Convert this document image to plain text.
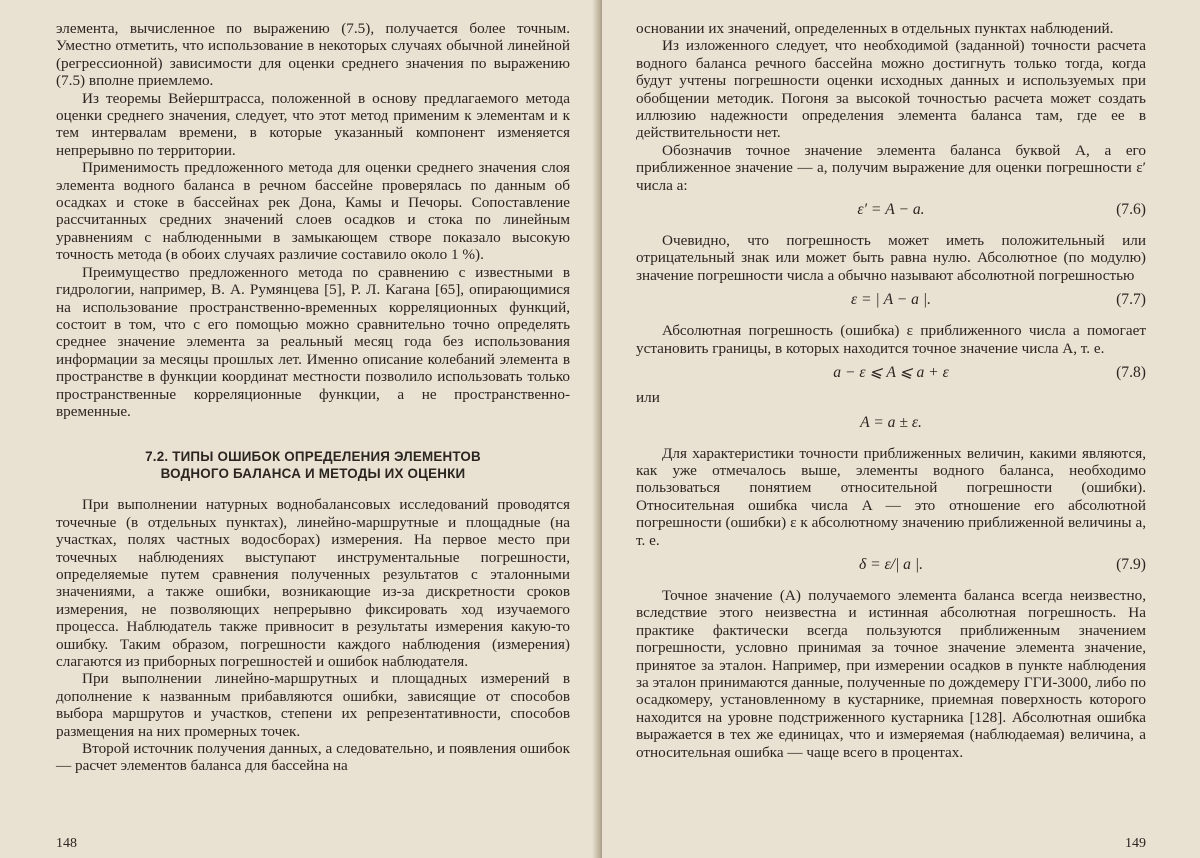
элемента, вычисленное по выражению (7.5), получается более точным. Уместно отметить, что использование в некоторых случаях обычной линейной (регрессионной) зависимости для оценки среднего значения по выражению (7.5) вполне приемлемо.

Из теоремы Вейерштрасса, положенной в основу предлагаемого метода оценки среднего значения, следует, что этот метод применим к элементам и к тем интервалам времени, в которые указанный компонент изменяется непрерывно по территории.

Применимость предложенного метода для оценки среднего значения слоя элемента водного баланса в речном бассейне проверялась по данным об осадках и стоке в бассейнах рек Дона, Камы и Печоры. Сопоставление рассчитанных средних значений слоев осадков и стока по линейным уравнениям с наблюденными в замыкающем створе показало высокую точность метода (в обоих случаях различие составило около 1 %).

Преимущество предложенного метода по сравнению с известными в гидрологии, например, В. А. Румянцева [5], Р. Л. Кагана [65], опирающимися на использование пространственно-временных корреляционных функций, состоит в том, что с его помощью можно сравнительно точно определять среднее значение элемента за реальный месяц года без использования информации за месяцы прошлых лет. Именно описание колебаний элемента в пространстве в функции координат местности позволило использовать только пространственные корреляционные функции, а не пространственно-временные.

7.2. ТИПЫ ОШИБОК ОПРЕДЕЛЕНИЯ ЭЛЕМЕНТОВ
ВОДНОГО БАЛАНСА И МЕТОДЫ ИХ ОЦЕНКИ

При выполнении натурных воднобалансовых исследований проводятся точечные (в отдельных пунктах), линейно-маршрутные и площадные (на участках, полях частных водосборах) измерения. На первое место при точечных наблюдениях выступают инструментальные погрешности, определяемые путем сравнения полученных результатов с эталонными значениями, а также ошибки, возникающие из-за дискретности сроков измерения, не позволяющих непрерывно фиксировать ход изучаемого процесса. Наблюдатель также привносит в результаты измерения какую-то ошибку. Таким образом, погрешности каждого наблюдения (измерения) слагаются из приборных погрешностей и ошибок наблюдателя.

При выполнении линейно-маршрутных и площадных измерений в дополнение к названным прибавляются ошибки, зависящие от способов выбора маршрутов и участков, степени их репрезентативности, способов размещения на них промерных точек.

Второй источник получения данных, а следовательно, и появления ошибок — расчет элементов баланса для бассейна на

148

основании их значений, определенных в отдельных пунктах наблюдений.

Из изложенного следует, что необходимой (заданной) точности расчета водного баланса речного бассейна можно достигнуть только тогда, когда будут учтены погрешности оценки исходных данных и используемых при обобщении методик. Погоня за высокой точностью расчета может создать иллюзию надежности определения элемента баланса там, где ее в действительности нет.

Обозначив точное значение элемента баланса буквой A, а его приближенное значение — a, получим выражение для оценки погрешности ε′ числа a:

ε′ = A − a.	(7.6)

Очевидно, что погрешность может иметь положительный или отрицательный знак или может быть равна нулю. Абсолютное (по модулю) значение погрешности числа a обычно называют абсолютной погрешностью

ε = | A − a |.	(7.7)

Абсолютная погрешность (ошибка) ε приближенного числа a помогает установить границы, в которых находится точное значение числа A, т. е.

a − ε ⩽ A ⩽ a + ε	(7.8)

или

A = a ± ε.

Для характеристики точности приближенных величин, какими являются, как уже отмечалось выше, элементы водного баланса, необходимо пользоваться понятием относительной погрешности (ошибки). Относительная ошибка числа A — это отношение его абсолютной погрешности (ошибки) ε к абсолютному значению приближенной величины a, т. е.

δ = ε/| a |.	(7.9)

Точное значение (A) получаемого элемента баланса всегда неизвестно, вследствие этого неизвестна и истинная абсолютная погрешность. На практике фактически всегда пользуются приближенным значением погрешности, условно принимая за точное значение элемента значение, принятое за эталон. Например, при измерении осадков в пункте наблюдения за эталон принимаются данные, полученные по дождемеру ГГИ-3000, либо по осадкомеру, установленному в кустарнике, приемная поверхность которого находится на уровне подстриженного кустарника [128]. Абсолютная ошибка выражается в тех же единицах, что и измеряемая (наблюдаемая) величина, а относительная ошибка — чаще всего в процентах.

149
